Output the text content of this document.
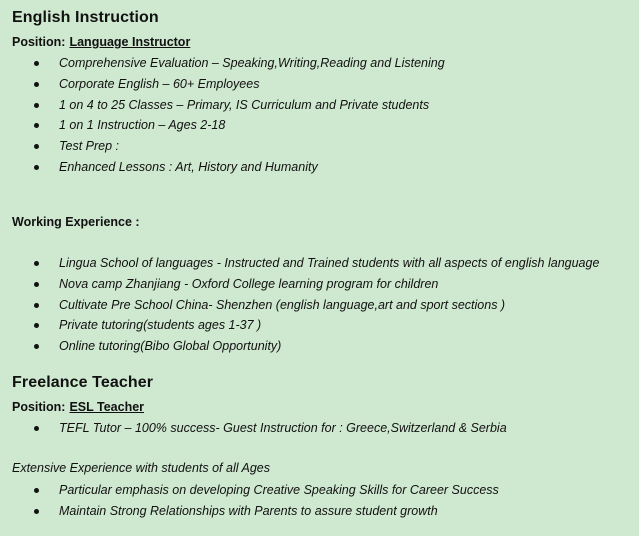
English Instruction
Position: Language Instructor
Comprehensive Evaluation – Speaking,Writing,Reading and Listening
Corporate English – 60+ Employees
1 on 4 to 25 Classes – Primary, IS Curriculum and Private students
1 on 1 Instruction – Ages 2-18
Test Prep :
Enhanced Lessons : Art, History and Humanity
Working Experience :
Lingua School of languages - Instructed and Trained students with all aspects of english language
Nova camp Zhanjiang - Oxford College learning program for children
Cultivate Pre School China- Shenzhen (english language,art and sport sections )
Private tutoring(students ages 1-37 )
Online tutoring(Bibo Global Opportunity)
Freelance Teacher
Position: ESL Teacher
TEFL Tutor – 100% success- Guest Instruction for : Greece,Switzerland & Serbia
Extensive Experience with students of all Ages
Particular emphasis on developing Creative Speaking Skills for Career Success
Maintain Strong Relationships with Parents to assure student growth
